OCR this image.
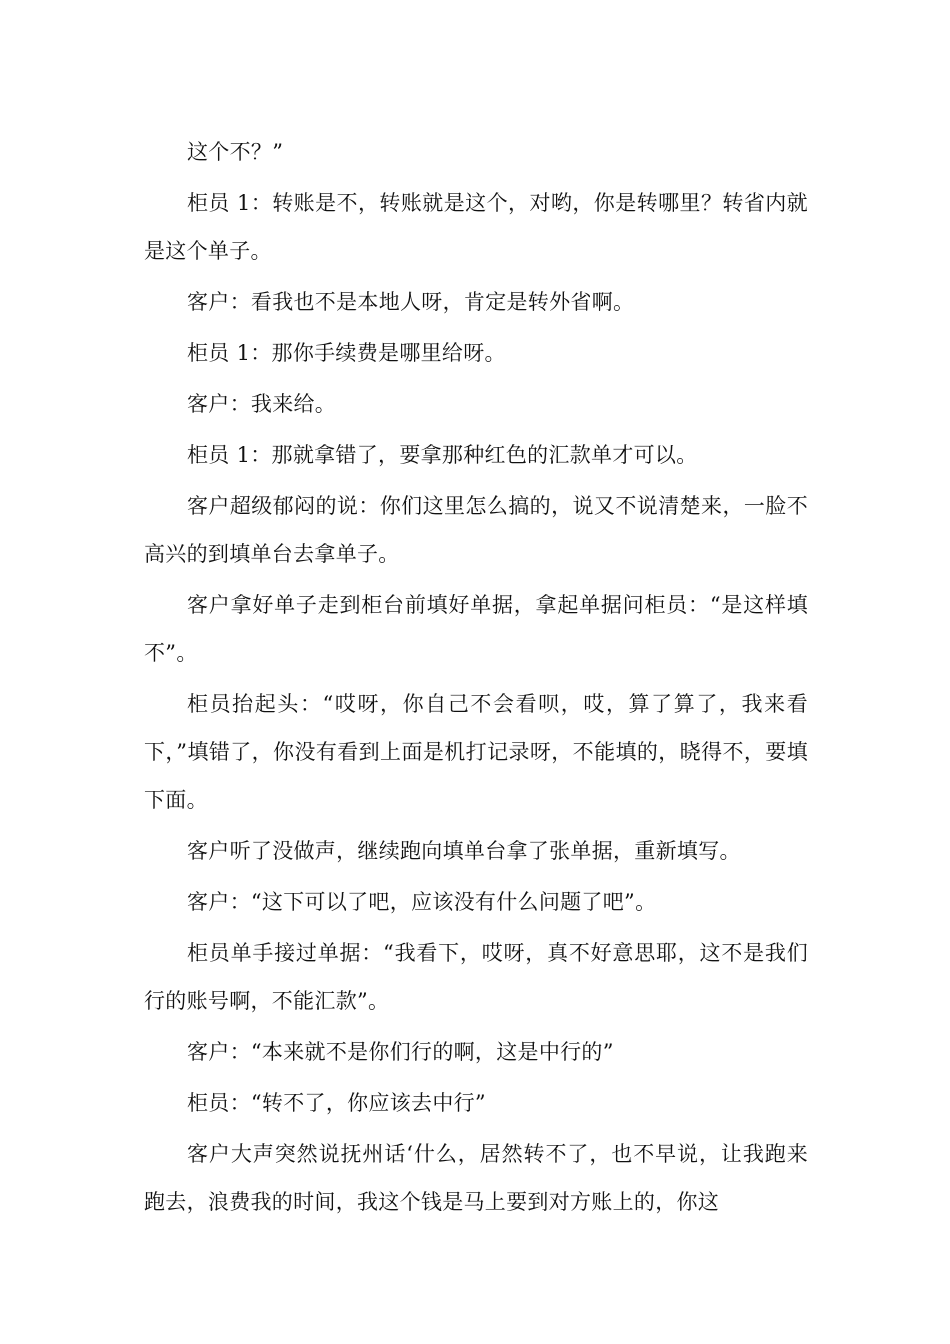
这个不？”

柜员 1：转账是不，转账就是这个，对哟，你是转哪里？转省内就是这个单子。

客户：看我也不是本地人呀，肯定是转外省啊。

柜员 1：那你手续费是哪里给呀。

客户：我来给。

柜员 1：那就拿错了，要拿那种红色的汇款单才可以。

客户超级郁闷的说：你们这里怎么搞的，说又不说清楚来，一脸不高兴的到填单台去拿单子。

客户拿好单子走到柜台前填好单据，拿起单据问柜员：“是这样填不”。

柜员抬起头：“哎呀，你自己不会看呗，哎，算了算了，我来看下，”填错了，你没有看到上面是机打记录呀，不能填的，晓得不，要填下面。

客户听了没做声，继续跑向填单台拿了张单据，重新填写。

客户：“这下可以了吧，应该没有什么问题了吧”。

柜员单手接过单据：“我看下，哎呀，真不好意思耶，这不是我们行的账号啊，不能汇款”。

客户：“本来就不是你们行的啊，这是中行的”

柜员：“转不了，你应该去中行”

客户大声突然说抚州话‘什么，居然转不了，也不早说，让我跑来跑去，浪费我的时间，我这个钱是马上要到对方账上的，你这
